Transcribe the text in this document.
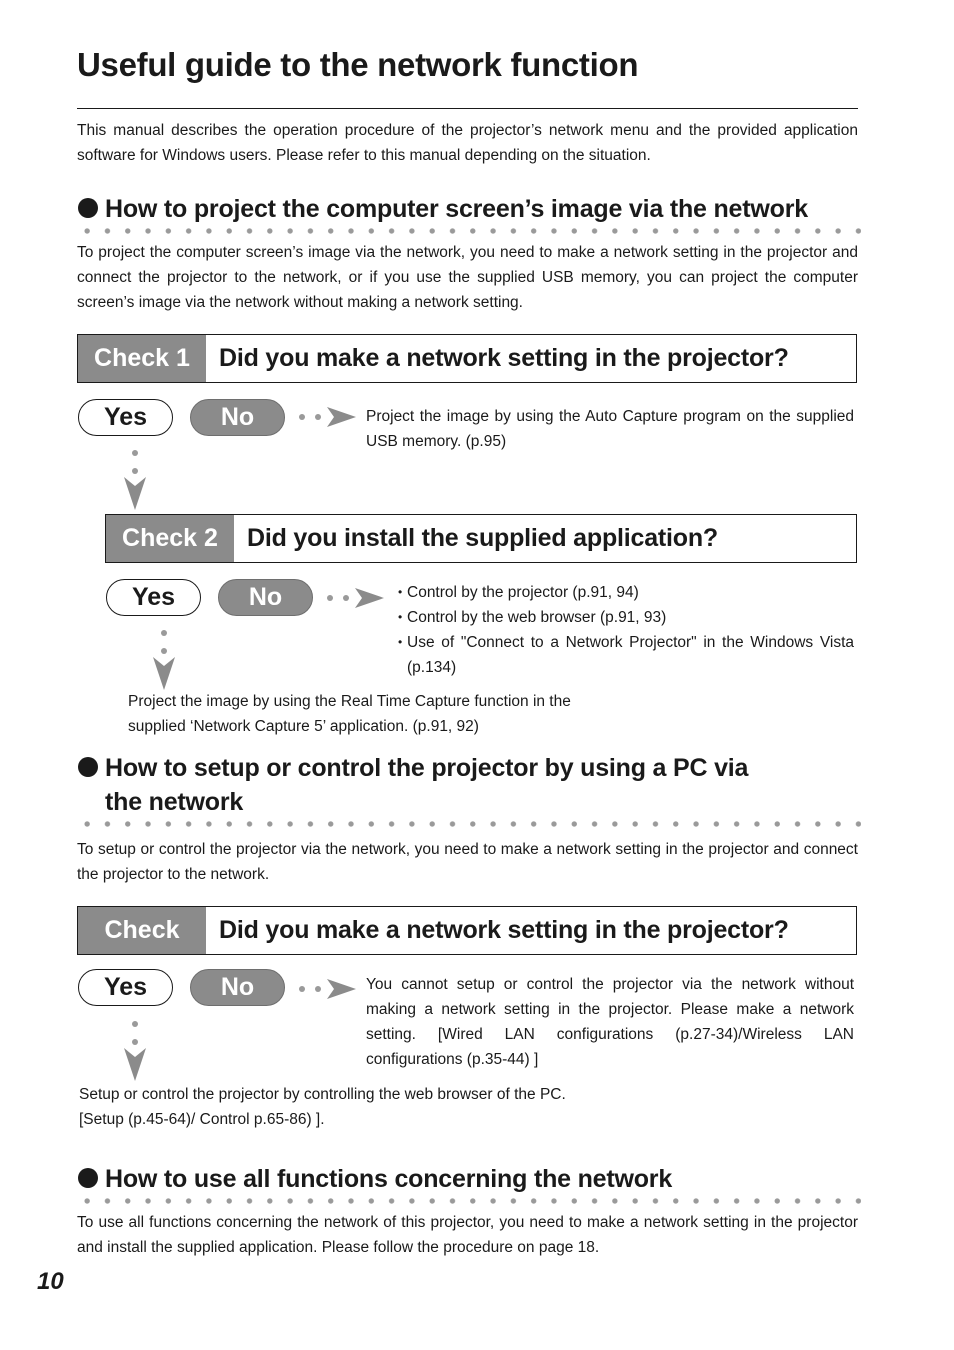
Useful guide to the network function
This manual describes the operation procedure of the projector’s network menu and the provided application software for Windows users. Please refer to this manual depending on the situation.
How to project the computer screen’s image via the network
To project the computer screen’s image via the network, you need to make a network setting in the projector and connect the projector to the network, or if you use the supplied USB memory, you can project the computer screen’s image via the network without making a network setting.
Check 1	Did you make a network setting in the projector?
Yes	No	Project the image by using the Auto Capture program on the supplied USB memory. (p.95)
Check 2	Did you install the supplied application?
Yes	No
•	Control by the projector (p.91, 94)
• Control by the web browser (p.91, 93)
• Use of "Connect to a Network Projector" in the Windows Vista (p.134)
Project the image by using the Real Time Capture function in the
supplied ‘Network Capture 5’ application. (p.91, 92)
How to setup or control the projector by using a PC via
the network
To setup or control the projector via the network, you need to make a network setting in the projector and connect the projector to the network.
Check	Did you make a network setting in the projector?
Yes	No	You cannot setup or control the projector via the network without making a network setting in the projector. Please make a network setting. [Wired LAN configurations (p.27-34)/Wireless LAN configurations (p.35-44) ]
Setup or control the projector by controlling the web browser of the PC.
[Setup (p.45-64)/ Control p.65-86) ].
How to use all functions concerning the network
To use all functions concerning the network of this projector, you need to make a network setting in the projector and install the supplied application. Please follow the procedure on page 18.
10
